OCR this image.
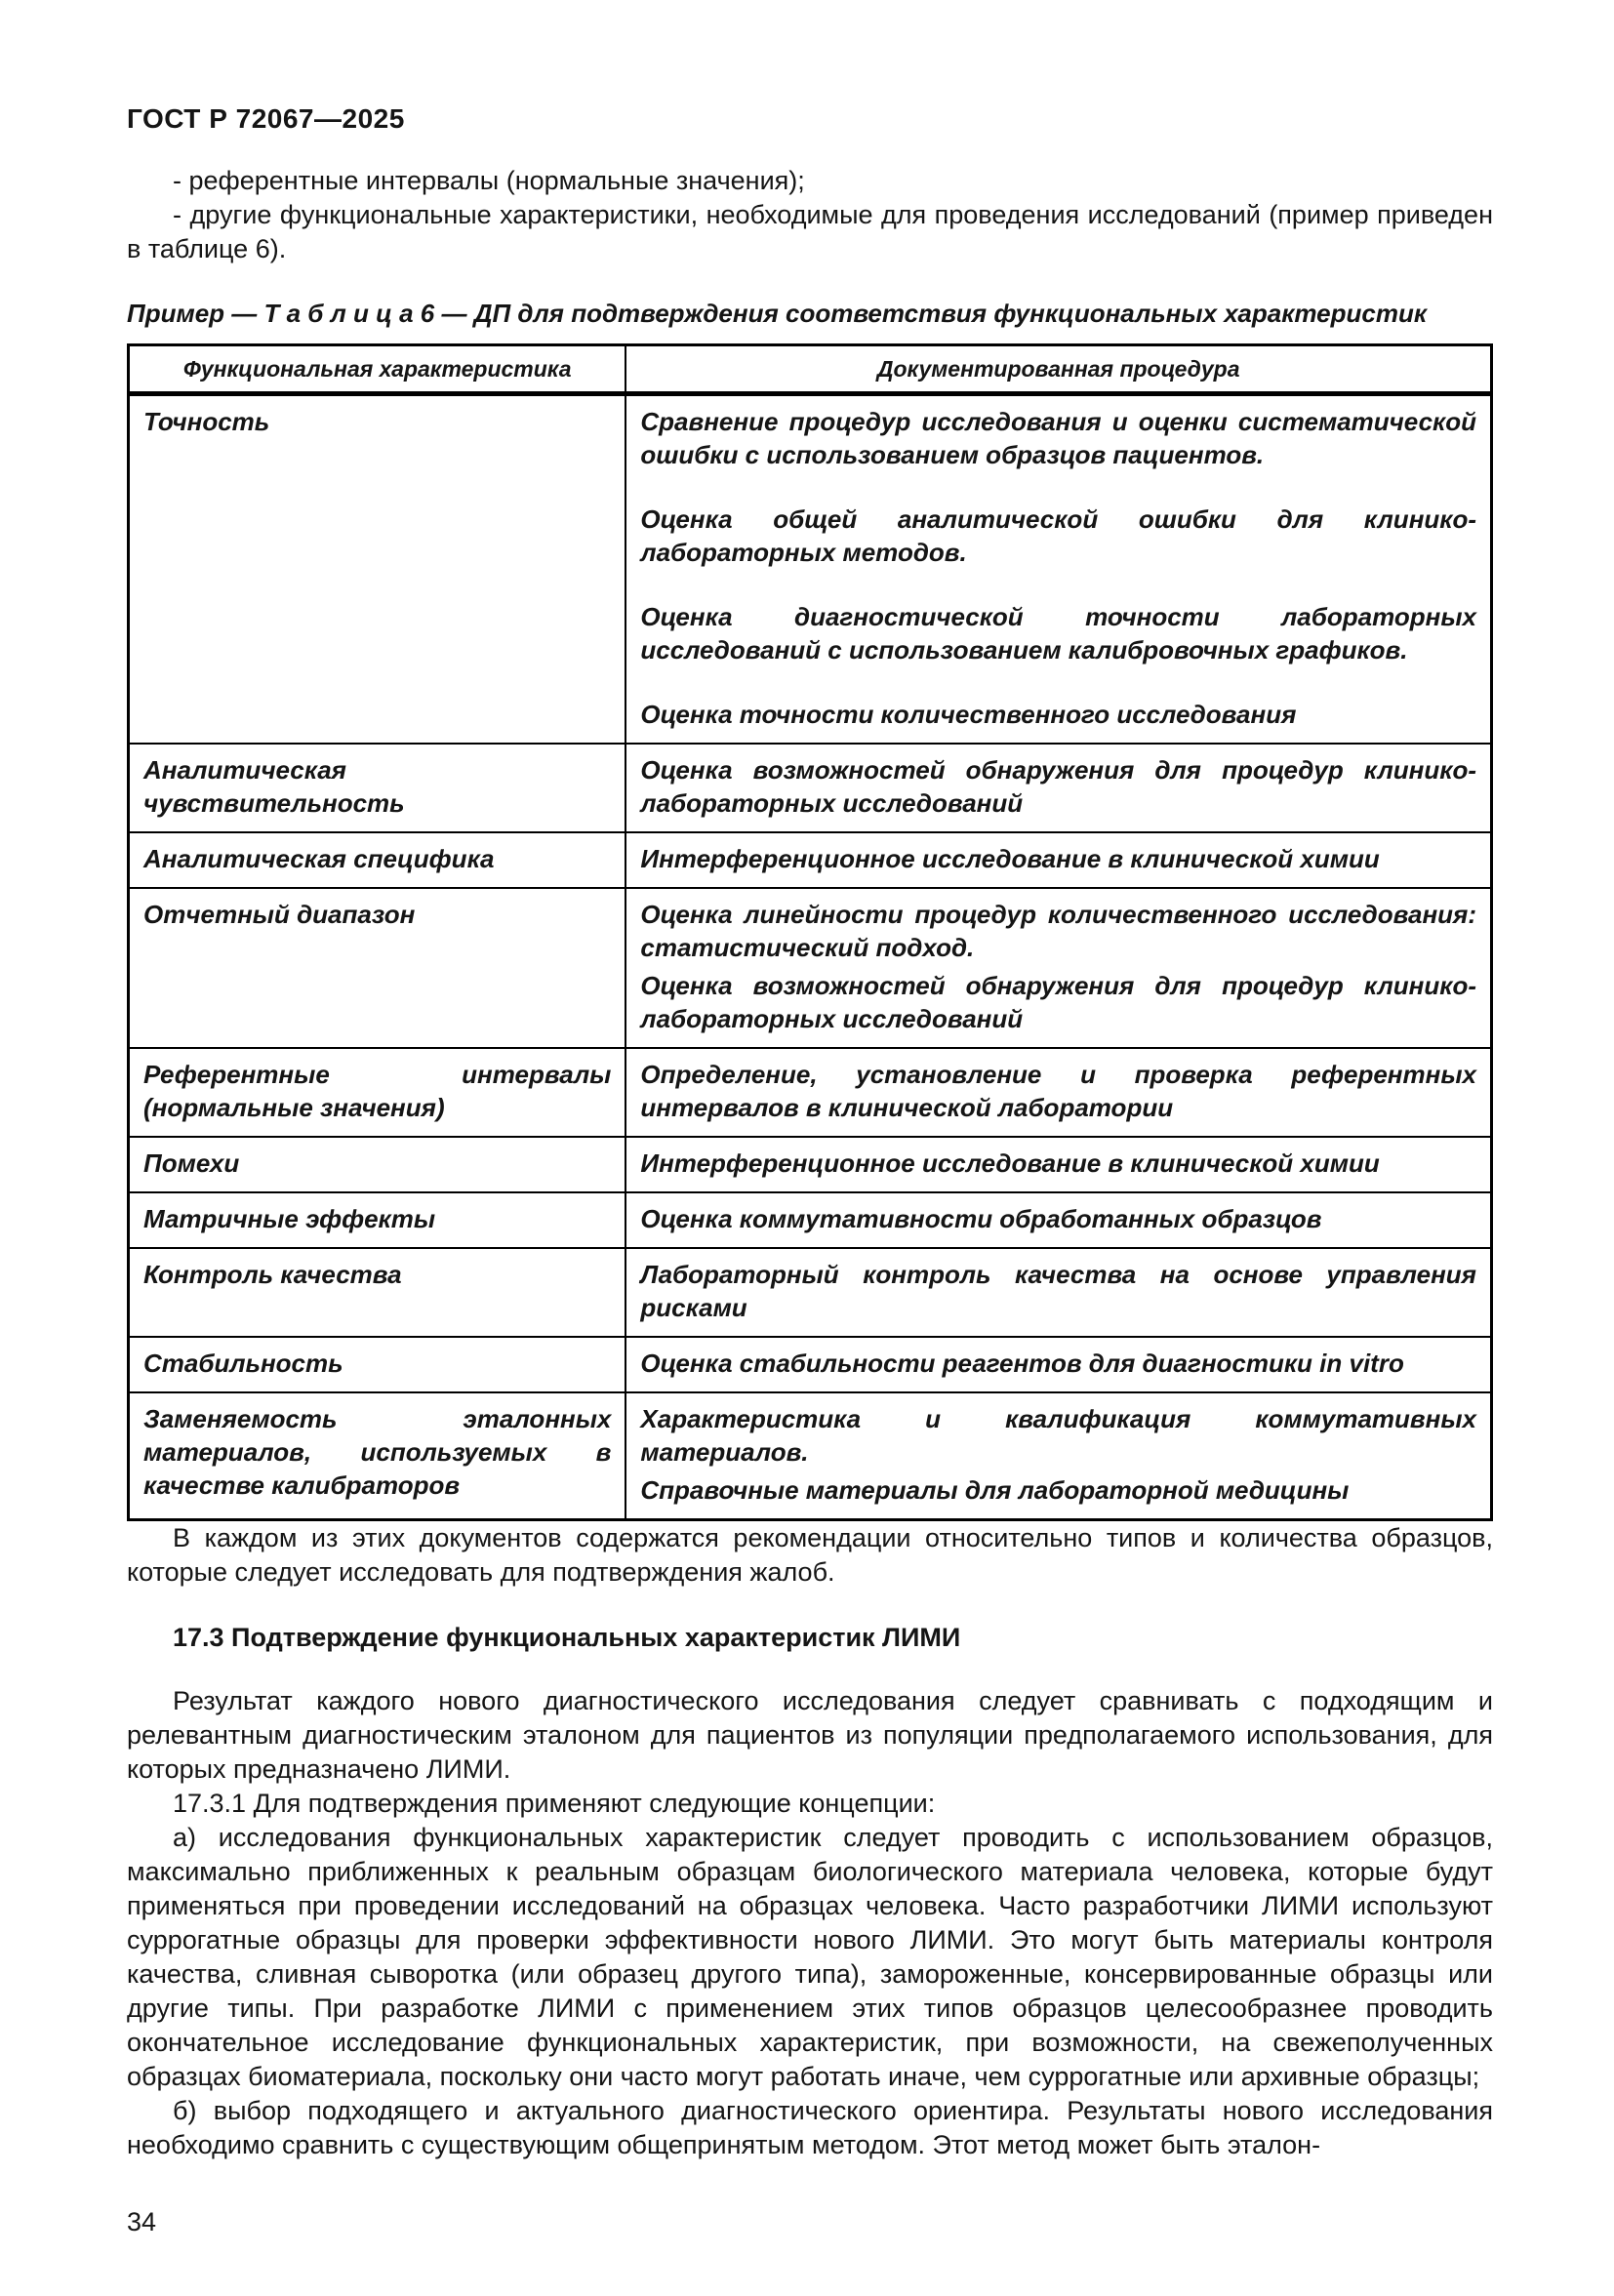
ГОСТ Р 72067—2025

- референтные интервалы (нормальные значения);

- другие функциональные характеристики, необходимые для проведения исследований (пример приведен в таблице 6).

Пример — Т а б л и ц а 6 — ДП для подтверждения соответствия функциональных характеристик
Функциональная характеристика	Документированная процедура
Точность	Сравнение процедур исследования и оценки систематической ошибки с использованием образцов пациентов.

Оценка общей аналитической ошибки для клинико-лабораторных методов.

Оценка диагностической точности лабораторных исследований с использованием калибровочных графиков.

Оценка точности количественного исследования

Аналитическая чувствительность	Оценка возможностей обнаружения для процедур клинико-лабораторных исследований

Аналитическая специфика	Интерференционное исследование в клинической химии

Отчетный диапазон	Оценка линейности процедур количественного исследования: статистический подход.

Оценка возможностей обнаружения для процедур клинико-лабораторных исследований

Референтные интервалы (нормальные значения)	Определение, установление и проверка референтных интервалов в клинической лаборатории

Помехи	Интерференционное исследование в клинической химии

Матричные эффекты	Оценка коммутативности обработанных образцов

Контроль качества	Лабораторный контроль качества на основе управления рисками

Стабильность	Оценка стабильности реагентов для диагностики in vitro

Заменяемость эталонных материалов, используемых в качестве калибраторов	Характеристика и квалификация коммутативных материалов.

Справочные материалы для лабораторной медицины

В каждом из этих документов содержатся рекомендации относительно типов и количества образцов, которые следует исследовать для подтверждения жалоб.

17.3 Подтверждение функциональных характеристик ЛИМИ

Результат каждого нового диагностического исследования следует сравнивать с подходящим и релевантным диагностическим эталоном для пациентов из популяции предполагаемого использования, для которых предназначено ЛИМИ.

17.3.1 Для подтверждения применяют следующие концепции:

а) исследования функциональных характеристик следует проводить с использованием образцов, максимально приближенных к реальным образцам биологического материала человека, которые будут применяться при проведении исследований на образцах человека. Часто разработчики ЛИМИ используют суррогатные образцы для проверки эффективности нового ЛИМИ. Это могут быть материалы контроля качества, сливная сыворотка (или образец другого типа), замороженные, консервированные образцы или другие типы. При разработке ЛИМИ с применением этих типов образцов целесообразнее проводить окончательное исследование функциональных характеристик, при возможности, на свежеполученных образцах биоматериала, поскольку они часто могут работать иначе, чем суррогатные или архивные образцы;

б) выбор подходящего и актуального диагностического ориентира. Результаты нового исследования необходимо сравнить с существующим общепринятым методом. Этот метод может быть эталон-

34
